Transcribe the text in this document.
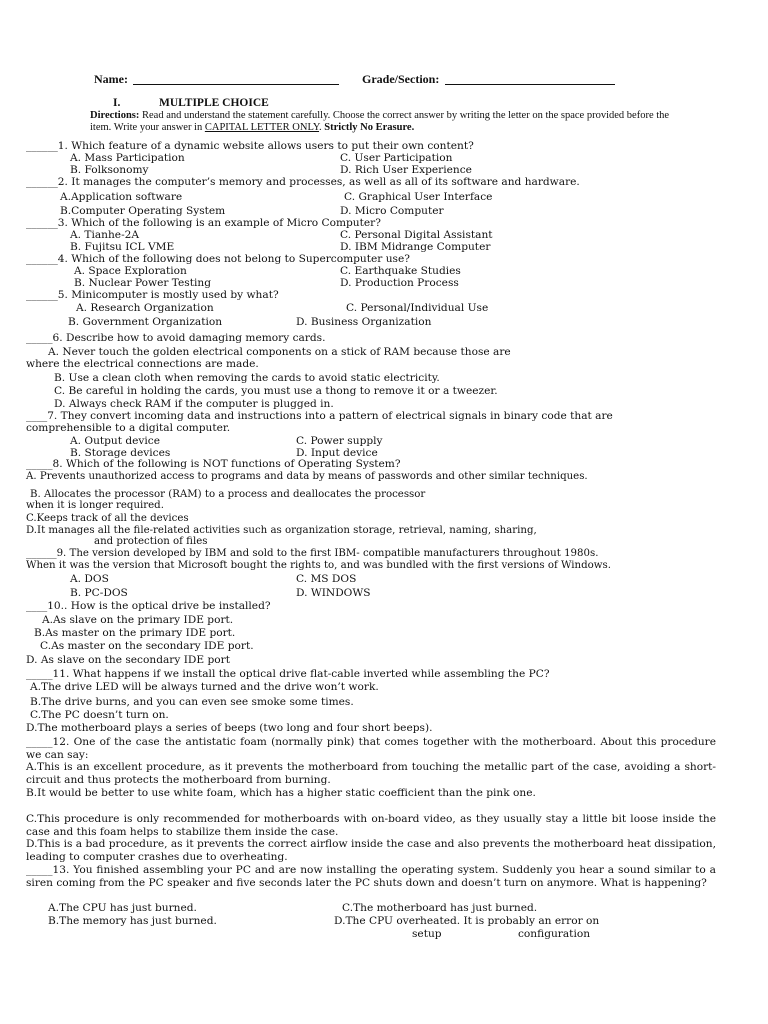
Name:	Grade/Section:
I.	MULTIPLE CHOICE
Directions: Read and understand the statement carefully. Choose the correct answer by writing the letter on the space provided before the item. Write your answer in CAPITAL LETTER ONLY. Strictly No Erasure.
______1. Which feature of a dynamic website allows users to put their own content?
A. Mass Participation	C. User Participation
B. Folksonomy	D. Rich User Experience
______2. It manages the computer’s memory and processes, as well as all of its software and hardware.
A.Application software	C. Graphical User Interface
B.Computer Operating System	D. Micro Computer
______3. Which of the following is an example of Micro Computer?
A. Tianhe-2A	C. Personal Digital Assistant
B. Fujitsu ICL VME	D. IBM Midrange Computer
______4. Which of the following does not belong to Supercomputer use?
A. Space Exploration	C. Earthquake Studies
B. Nuclear Power Testing	D. Production Process
______5. Minicomputer is mostly used by what?
A. Research Organization	C. Personal/Individual Use
B. Government Organization	D. Business Organization
_____6. Describe how to avoid damaging memory cards.
A. Never touch the golden electrical components on a stick of RAM because those are
where the electrical connections are made.
B. Use a clean cloth when removing the cards to avoid static electricity.
C. Be careful in holding the cards, you must use a thong to remove it or a tweezer.
D. Always check RAM if the computer is plugged in.
____7. They convert incoming data and instructions into a pattern of electrical signals in binary code that are
comprehensible to a digital computer.
A. Output device	C. Power supply
B. Storage devices	D. Input device
_____8. Which of the following is NOT functions of Operating System?
A. Prevents unauthorized access to programs and data by means of passwords and other similar techniques.
B. Allocates the processor (RAM) to a process and deallocates the processor
when it is longer required.
C.Keeps track of all the devices
D.It manages all the file-related activities such as organization storage, retrieval, naming, sharing,
and protection of files
______9. The version developed by IBM and sold to the first IBM- compatible manufacturers throughout 1980s.
When it was the version that Microsoft bought the rights to, and was bundled with the first versions of Windows.
A. DOS	C. MS DOS
B. PC-DOS	D. WINDOWS
____10.. How is the optical drive be installed?
A.As slave on the primary IDE port.
B.As master on the primary IDE port.
C.As master on the secondary IDE port.
D. As slave on the secondary IDE port
_____11. What happens if we install the optical drive flat-cable inverted while assembling the PC?
A.The drive LED will be always turned and the drive won’t work.
B.The drive burns, and you can even see smoke some times.
C.The PC doesn’t turn on.
D.The motherboard plays a series of beeps (two long and four short beeps).
_____12. One of the case the antistatic foam (normally pink) that comes together with the motherboard. About this procedure we can say:
A.This is an excellent procedure, as it prevents the motherboard from touching the metallic part of the case, avoiding a short-circuit and thus protects the motherboard from burning.
B.It would be better to use white foam, which has a higher static coefficient than the pink one.
C.This procedure is only recommended for motherboards with on-board video, as they usually stay a little bit loose inside the case and this foam helps to stabilize them inside the case.
D.This is a bad procedure, as it prevents the correct airflow inside the case and also prevents the motherboard heat dissipation, leading to computer crashes due to overheating.
_____13. You finished assembling your PC and are now installing the operating system. Suddenly you hear a sound similar to a siren coming from the PC speaker and five seconds later the PC shuts down and doesn’t turn on anymore. What is happening?
A.The CPU has just burned.	C.The motherboard has just burned.
B.The memory has just burned.	D.The CPU overheated. It is probably an error on
setup	configuration
